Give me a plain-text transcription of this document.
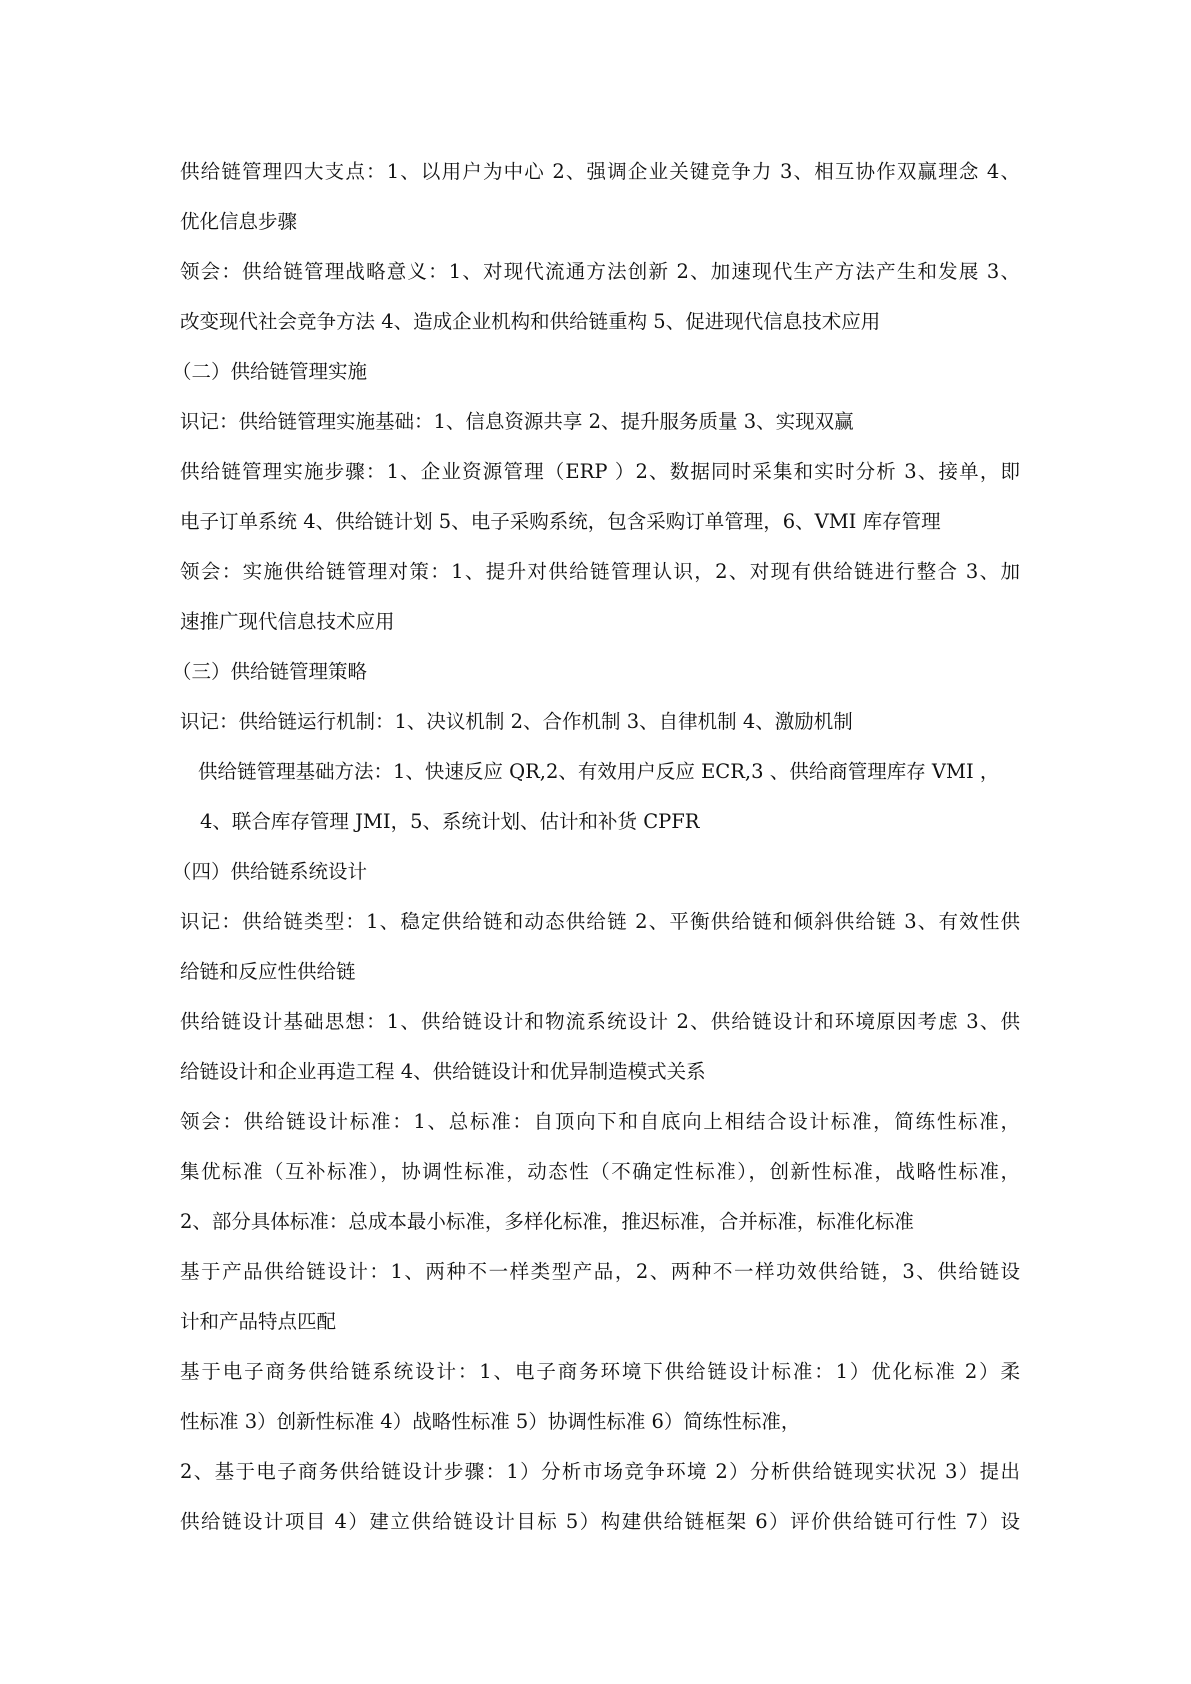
供给链管理四大支点：1、以用户为中心 2、强调企业关键竞争力 3、相互协作双赢理念 4、
优化信息步骤
领会：供给链管理战略意义：1、对现代流通方法创新 2、加速现代生产方法产生和发展 3、
改变现代社会竞争方法 4、造成企业机构和供给链重构 5、促进现代信息技术应用
（二）供给链管理实施
识记：供给链管理实施基础：1、信息资源共享 2、提升服务质量 3、实现双赢
供给链管理实施步骤：1、企业资源管理（ERP ）2、数据同时采集和实时分析 3、接单，即
电子订单系统 4、供给链计划 5、电子采购系统，包含采购订单管理，6、VMI 库存管理
领会：实施供给链管理对策：1、提升对供给链管理认识，2、对现有供给链进行整合 3、加
速推广现代信息技术应用
（三）供给链管理策略
识记：供给链运行机制：1、决议机制 2、合作机制 3、自律机制 4、激励机制
供给链管理基础方法：1、快速反应 QR,2、有效用户反应 ECR,3 、供给商管理库存 VMI ，
4、联合库存管理 JMI，5、系统计划、估计和补货 CPFR
（四）供给链系统设计
识记：供给链类型：1、稳定供给链和动态供给链 2、平衡供给链和倾斜供给链 3、有效性供
给链和反应性供给链
供给链设计基础思想：1、供给链设计和物流系统设计 2、供给链设计和环境原因考虑 3、供
给链设计和企业再造工程 4、供给链设计和优异制造模式关系
领会：供给链设计标准：1、总标准：自顶向下和自底向上相结合设计标准，简练性标准，
集优标准（互补标准），协调性标准，动态性（不确定性标准），创新性标准，战略性标准，
2、部分具体标准：总成本最小标准，多样化标准，推迟标准，合并标准，标准化标准
基于产品供给链设计：1、两种不一样类型产品，2、两种不一样功效供给链，3、供给链设
计和产品特点匹配
基于电子商务供给链系统设计：1、电子商务环境下供给链设计标准：1）优化标准 2）柔
性标准 3）创新性标准 4）战略性标准 5）协调性标准 6）简练性标准，
2、基于电子商务供给链设计步骤：1）分析市场竞争环境 2）分析供给链现实状况 3）提出
供给链设计项目 4）建立供给链设计目标 5）构建供给链框架 6）评价供给链可行性 7）设
